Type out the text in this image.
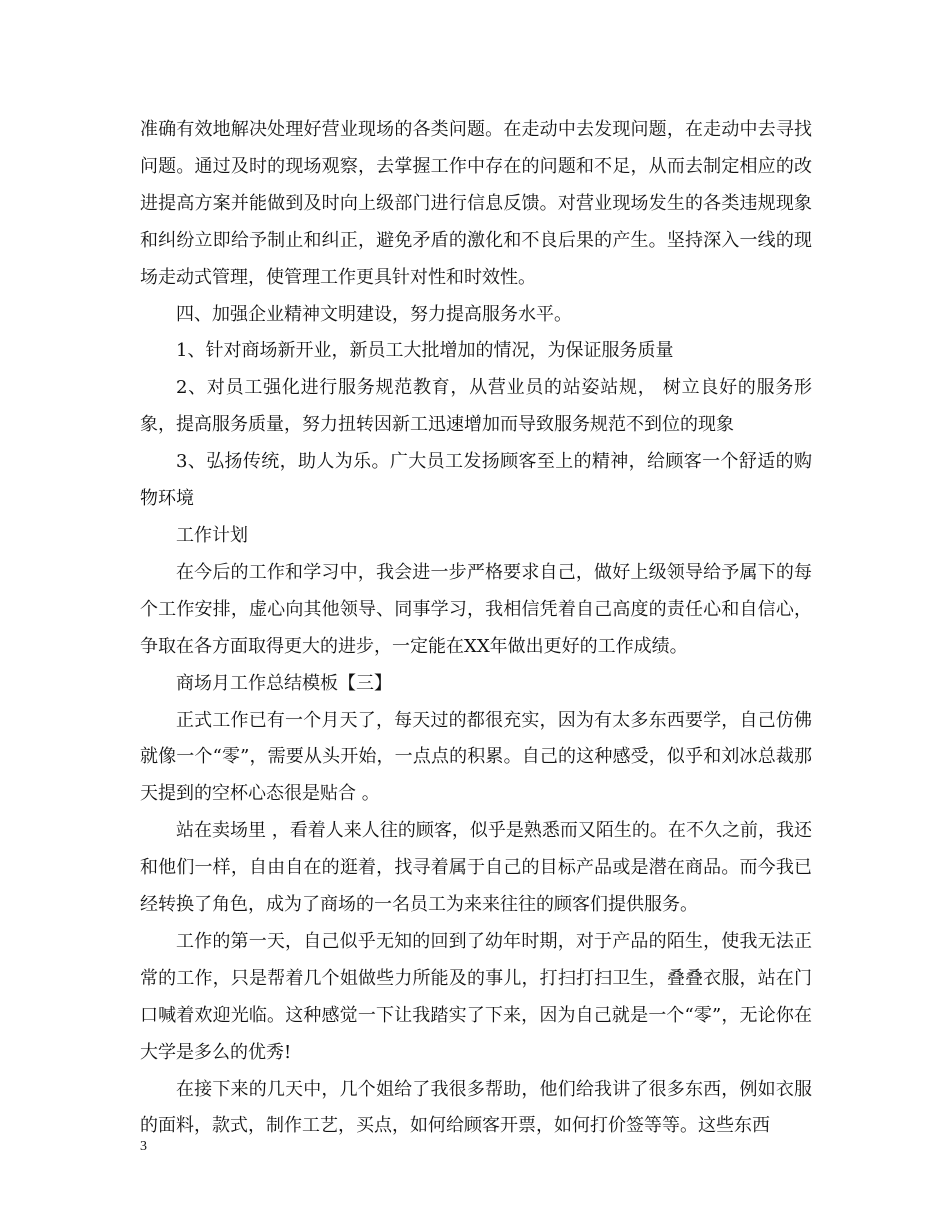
准确有效地解决处理好营业现场的各类问题。在走动中去发现问题，在走动中去寻找问题。通过及时的现场观察，去掌握工作中存在的问题和不足，从而去制定相应的改进提高方案并能做到及时向上级部门进行信息反馈。对营业现场发生的各类违规现象和纠纷立即给予制止和纠正，避免矛盾的激化和不良后果的产生。坚持深入一线的现场走动式管理，使管理工作更具针对性和时效性。

四、加强企业精神文明建设，努力提高服务水平。

1、针对商场新开业，新员工大批增加的情况，为保证服务质量

2、对员工强化进行服务规范教育，从营业员的站姿站规， 树立良好的服务形象，提高服务质量，努力扭转因新工迅速增加而导致服务规范不到位的现象

3、弘扬传统，助人为乐。广大员工发扬顾客至上的精神，给顾客一个舒适的购物环境

工作计划

在今后的工作和学习中，我会进一步严格要求自己，做好上级领导给予属下的每个工作安排，虚心向其他领导、同事学习，我相信凭着自己高度的责任心和自信心，争取在各方面取得更大的进步，一定能在XX年做出更好的工作成绩。

商场月工作总结模板【三】

正式工作已有一个月天了，每天过的都很充实，因为有太多东西要学，自己仿佛就像一个“零”，需要从头开始，一点点的积累。自己的这种感受，似乎和刘冰总裁那天提到的空杯心态很是贴合 。

站在卖场里 ，看着人来人往的顾客，似乎是熟悉而又陌生的。在不久之前，我还和他们一样，自由自在的逛着，找寻着属于自己的目标产品或是潜在商品。而今我已经转换了角色，成为了商场的一名员工为来来往往的顾客们提供服务。

工作的第一天，自己似乎无知的回到了幼年时期，对于产品的陌生，使我无法正常的工作，只是帮着几个姐做些力所能及的事儿，打扫打扫卫生，叠叠衣服，站在门口喊着欢迎光临。这种感觉一下让我踏实了下来，因为自己就是一个“零”，无论你在大学是多么的优秀!

在接下来的几天中，几个姐给了我很多帮助，他们给我讲了很多东西，例如衣服的面料，款式，制作工艺，买点，如何给顾客开票，如何打价签等等。这些东西

3
